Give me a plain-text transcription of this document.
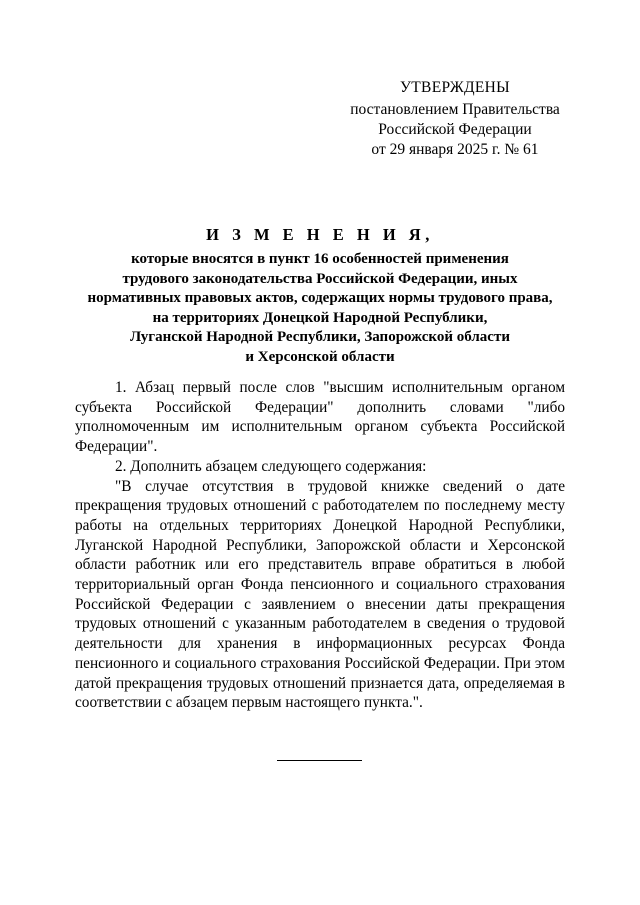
УТВЕРЖДЕНЫ
постановлением Правительства
Российской Федерации
от 29 января 2025 г. № 61
И З М Е Н Е Н И Я,
которые вносятся в пункт 16 особенностей применения
трудового законодательства Российской Федерации, иных
нормативных правовых актов, содержащих нормы трудового права,
на территориях Донецкой Народной Республики,
Луганской Народной Республики, Запорожской области
и Херсонской области

1. Абзац первый после слов "высшим исполнительным органом субъекта Российской Федерации" дополнить словами "либо уполномоченным им исполнительным органом субъекта Российской Федерации".

2. Дополнить абзацем следующего содержания:

"В случае отсутствия в трудовой книжке сведений о дате прекращения трудовых отношений с работодателем по последнему месту работы на отдельных территориях Донецкой Народной Республики, Луганской Народной Республики, Запорожской области и Херсонской области работник или его представитель вправе обратиться в любой территориальный орган Фонда пенсионного и социального страхования Российской Федерации с заявлением о внесении даты прекращения трудовых отношений с указанным работодателем в сведения о трудовой деятельности для хранения в информационных ресурсах Фонда пенсионного и социального страхования Российской Федерации. При этом датой прекращения трудовых отношений признается дата, определяемая в соответствии с абзацем первым настоящего пункта.".
